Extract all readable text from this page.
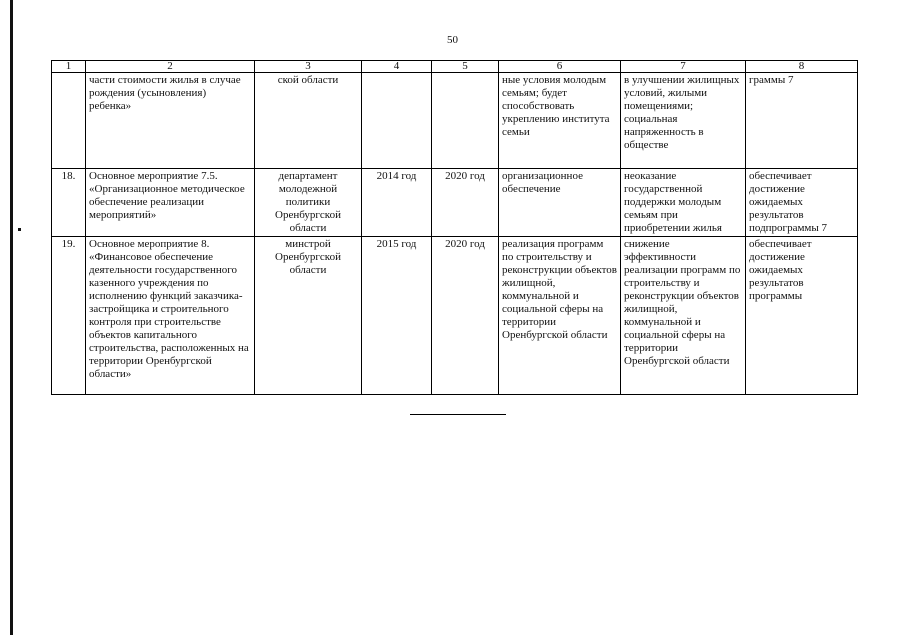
50
1	2	3	4	5	6	7	8
	части стоимости жилья в случае рождения (усыновления) ребенка»	ской области			ные условия молодым семьям; будет способствовать укреплению института семьи	в улучшении жилищных условий, жилыми помещениями; социальная напряженность в обществе	граммы 7
18.	Основное мероприятие 7.5. «Организационное методическое обеспечение реализации мероприятий»	департамент молодежной политики Оренбургской области	2014 год	2020 год	организационное обеспечение	неоказание государственной поддержки молодым семьям при приобретении жилья	обеспечивает достижение ожидаемых результатов подпрограммы 7
19.	Основное мероприятие 8. «Финансовое обеспечение деятельности государственного казенного учреждения по исполнению функций заказчика-застройщика и строительного контроля при строительстве объектов капитального строительства, расположенных на территории Оренбургской области»	минстрой Оренбургской области	2015 год	2020 год	реализация программ по строительству и реконструкции объектов жилищной, коммунальной и социальной сферы на территории Оренбургской области	снижение эффективности реализации программ по строительству и реконструкции объектов жилищной, коммунальной и социальной сферы на территории Оренбургской области	обеспечивает достижение ожидаемых результатов программы
